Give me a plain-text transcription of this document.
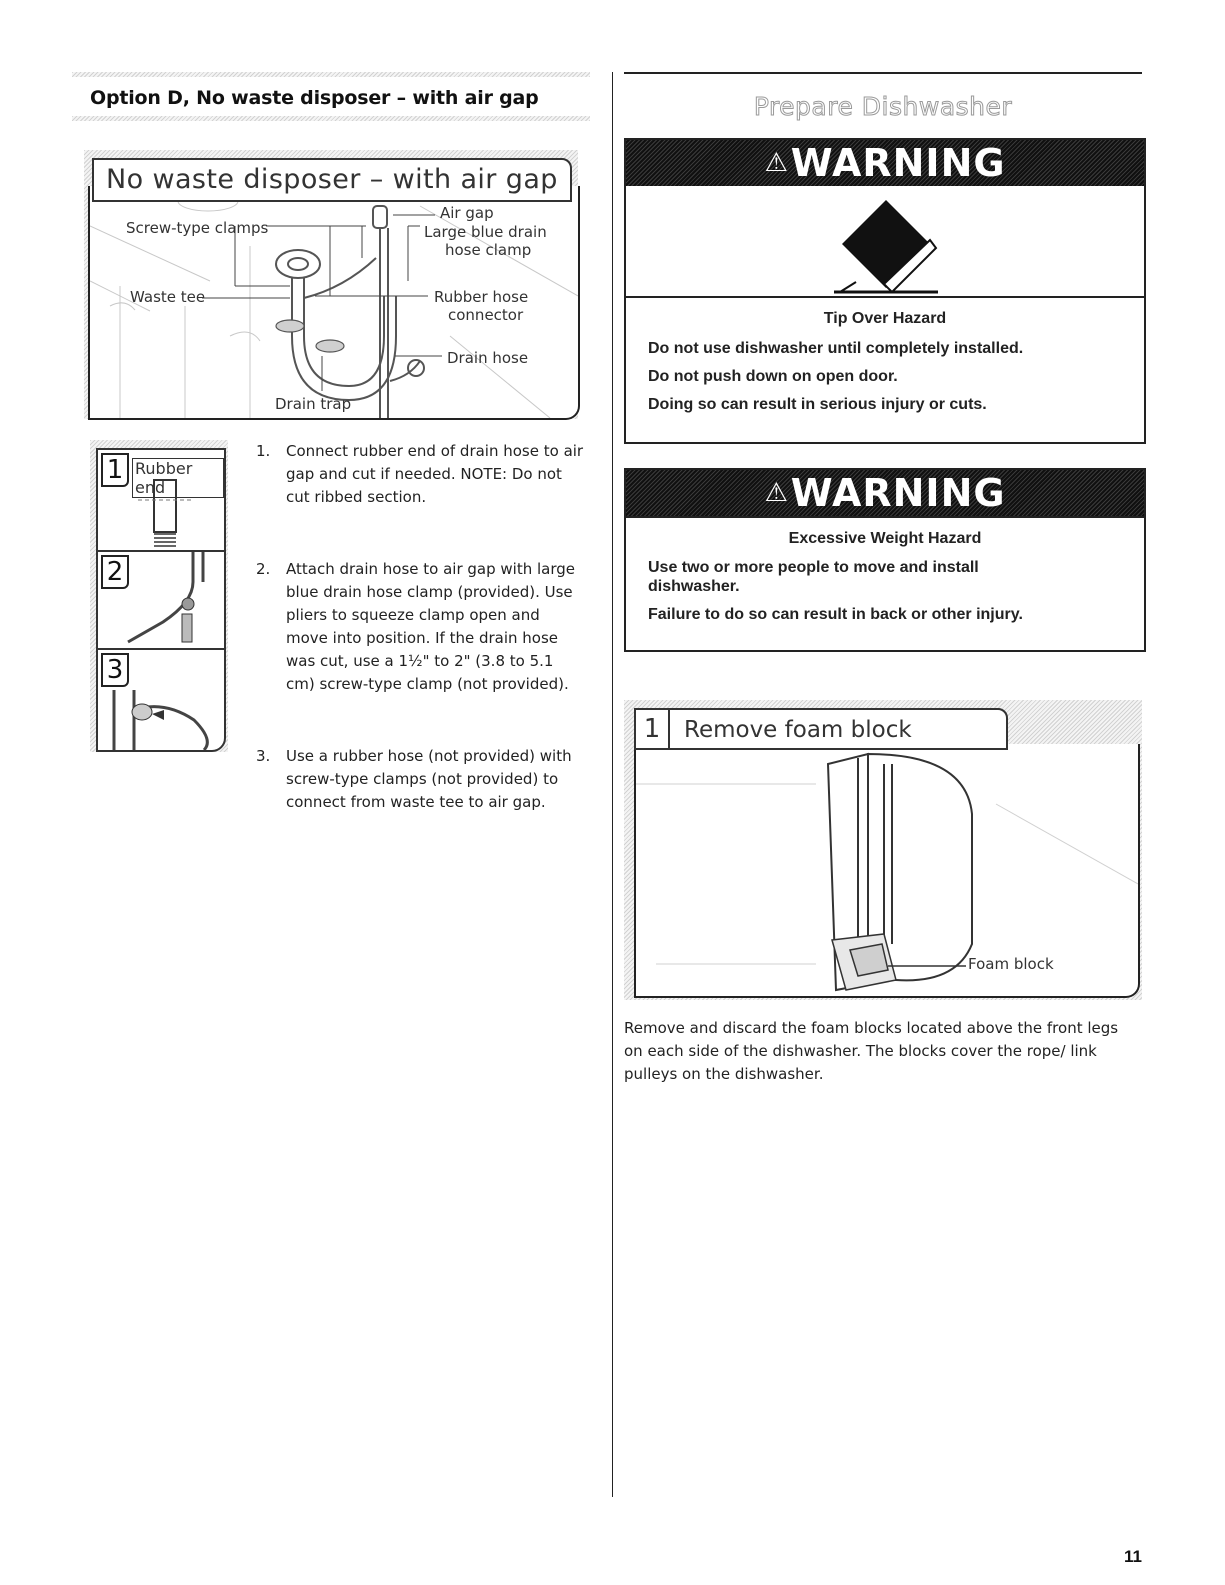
Option D, No waste disposer – with air gap
Air gap
Screw-type clamps	Large blue drain
hose clamp
Waste tee	Rubber hose
connector
Drain hose
Drain trap
No waste disposer – with air gap
1 Rubber end
2
3
1. Connect rubber end of drain hose to air gap and cut if needed. NOTE: Do not cut ribbed section.
2. Attach drain hose to air gap with large blue drain hose clamp (provided). Use pliers to squeeze clamp open and move into position. If the drain hose was cut, use a 1½" to 2" (3.8 to 5.1 cm) screw-type clamp (not provided).
3. Use a rubber hose (not provided) with screw-type clamps (not provided) to connect from waste tee to air gap.
Prepare Dishwasher
⚠WARNING
Tip Over Hazard
Do not use dishwasher until completely installed.
Do not push down on open door.
Doing so can result in serious injury or cuts.
⚠WARNING
Excessive Weight Hazard
Use two or more people to move and install dishwasher.
Failure to do so can result in back or other injury.
Foam block
1 Remove foam block
Remove and discard the foam blocks located above the front legs on each side of the dishwasher. The blocks cover the rope/ link pulleys on the dishwasher.
11
